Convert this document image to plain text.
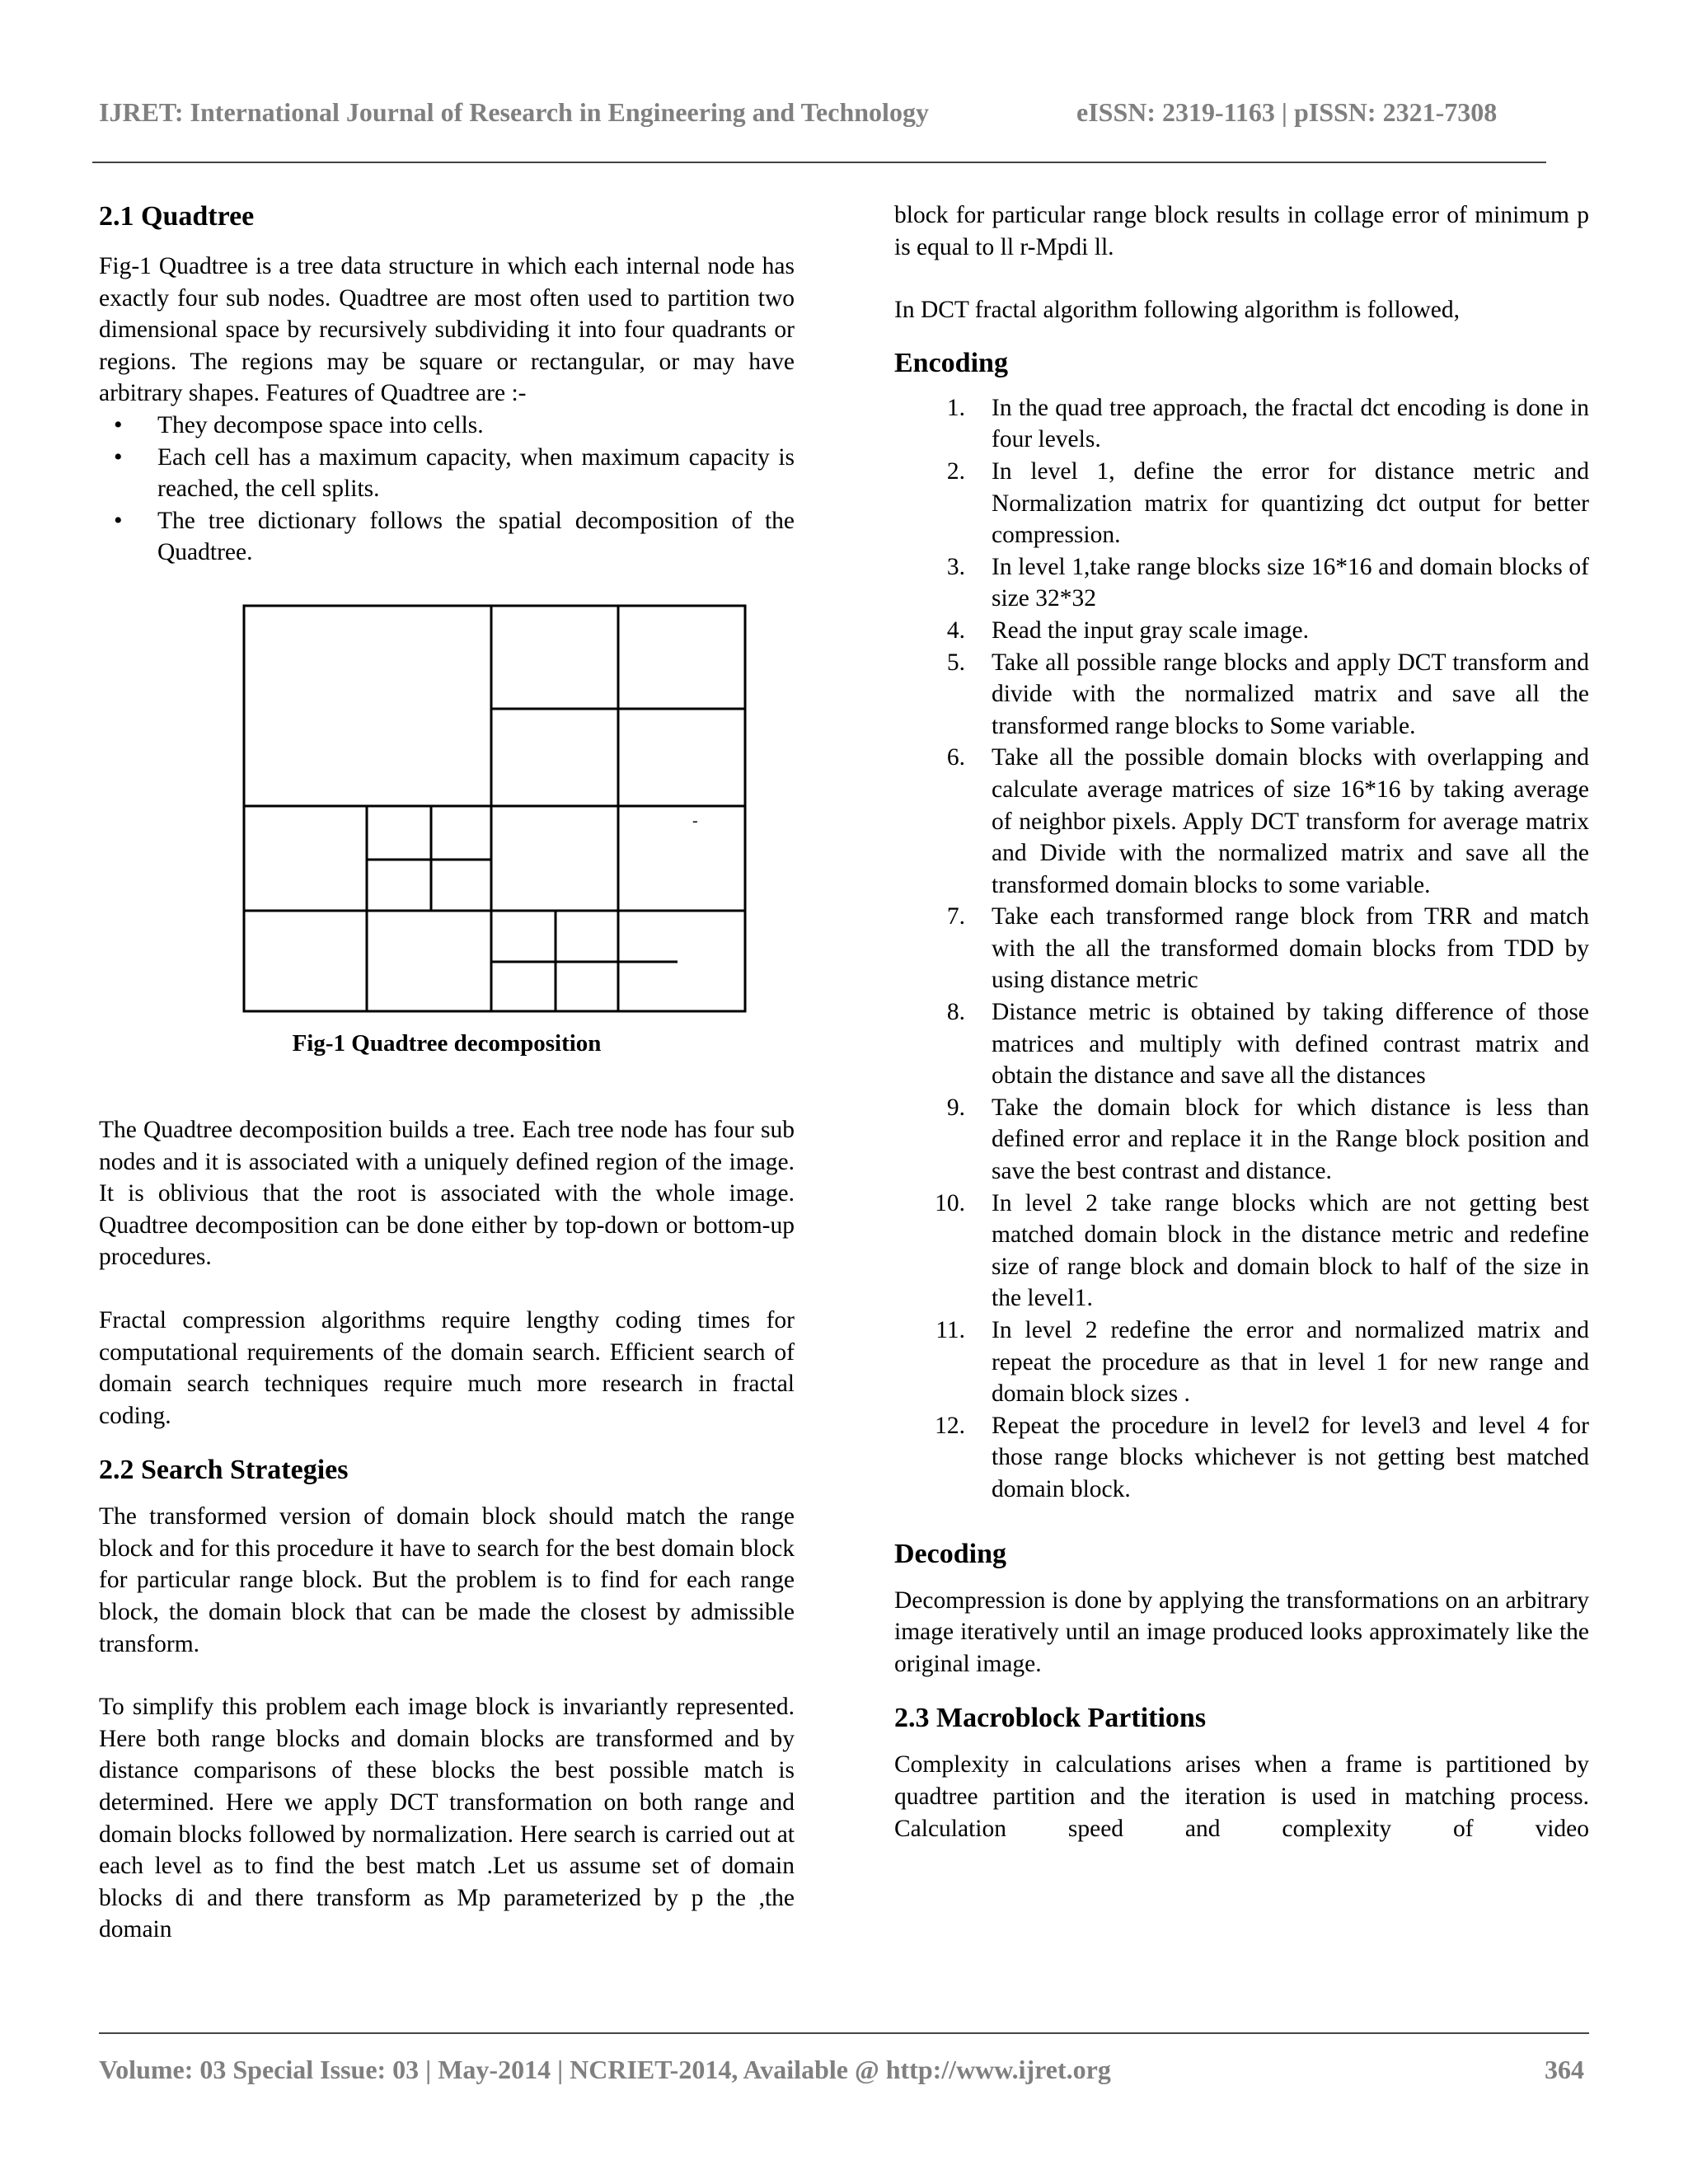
IJRET: International Journal of Research in Engineering and Technology	eISSN: 2319-1163 | pISSN: 2321-7308
2.1 Quadtree

Fig-1 Quadtree is a tree data structure in which each internal node has exactly four sub nodes. Quadtree are most often used to partition two dimensional space by recursively subdividing it into four quadrants or regions. The regions may be square or rectangular, or may have arbitrary shapes. Features of Quadtree are :-

• They decompose space into cells.
• Each cell has a maximum capacity, when maximum capacity is reached, the cell splits.
• The tree dictionary follows the spatial decomposition of the Quadtree.
-
Fig-1 Quadtree decomposition

The Quadtree decomposition builds a tree. Each tree node has four sub nodes and it is associated with a uniquely defined region of the image. It is oblivious that the root is associated with the whole image. Quadtree decomposition can be done either by top-down or bottom-up procedures.

Fractal compression algorithms require lengthy coding times for computational requirements of the domain search. Efficient search of domain search techniques require much more research in fractal coding.

2.2 Search Strategies

The transformed version of domain block should match the range block and for this procedure it have to search for the best domain block for particular range block. But the problem is to find for each range block, the domain block that can be made the closest by admissible transform.

To simplify this problem each image block is invariantly represented. Here both range blocks and domain blocks are transformed and by distance comparisons of these blocks the best possible match is determined. Here we apply DCT transformation on both range and domain blocks followed by normalization. Here search is carried out at each level as to find the best match .Let us assume set of domain blocks di and there transform as Mp parameterized by p the ,the domain

block for particular range block results in collage error of minimum p is equal to ll r-Mpdi ll.

In DCT fractal algorithm following algorithm is followed,

Encoding
1. In the quad tree approach, the fractal dct encoding is done in four levels.
2. In level 1, define the error for distance metric and Normalization matrix for quantizing dct output for better compression.
3. In level 1,take range blocks size 16*16 and domain blocks of size 32*32
4. Read the input gray scale image.
5. Take all possible range blocks and apply DCT transform and divide with the normalized matrix and save all the transformed range blocks to Some variable.
6. Take all the possible domain blocks with overlapping and calculate average matrices of size 16*16 by taking average of neighbor pixels. Apply DCT transform for average matrix and Divide with the normalized matrix and save all the transformed domain blocks to some variable.
7. Take each transformed range block from TRR and match with the all the transformed domain blocks from TDD by using distance metric
8. Distance metric is obtained by taking difference of those matrices and multiply with defined contrast matrix and obtain the distance and save all the distances
9. Take the domain block for which distance is less than defined error and replace it in the Range block position and save the best contrast and distance.
10. In level 2 take range blocks which are not getting best matched domain block in the distance metric and redefine size of range block and domain block to half of the size in the level1.
11. In level 2 redefine the error and normalized matrix and repeat the procedure as that in level 1 for new range and domain block sizes .
12. Repeat the procedure in level2 for level3 and level 4 for those range blocks whichever is not getting best matched domain block.
Decoding

Decompression is done by applying the transformations on an arbitrary image iteratively until an image produced looks approximately like the original image.

2.3 Macroblock Partitions

Complexity in calculations arises when a frame is partitioned by quadtree partition and the iteration is used in matching process. Calculation speed and complexity of video

Volume: 03 Special Issue: 03 | May-2014 | NCRIET-2014, Available @ http://www.ijret.org	364
